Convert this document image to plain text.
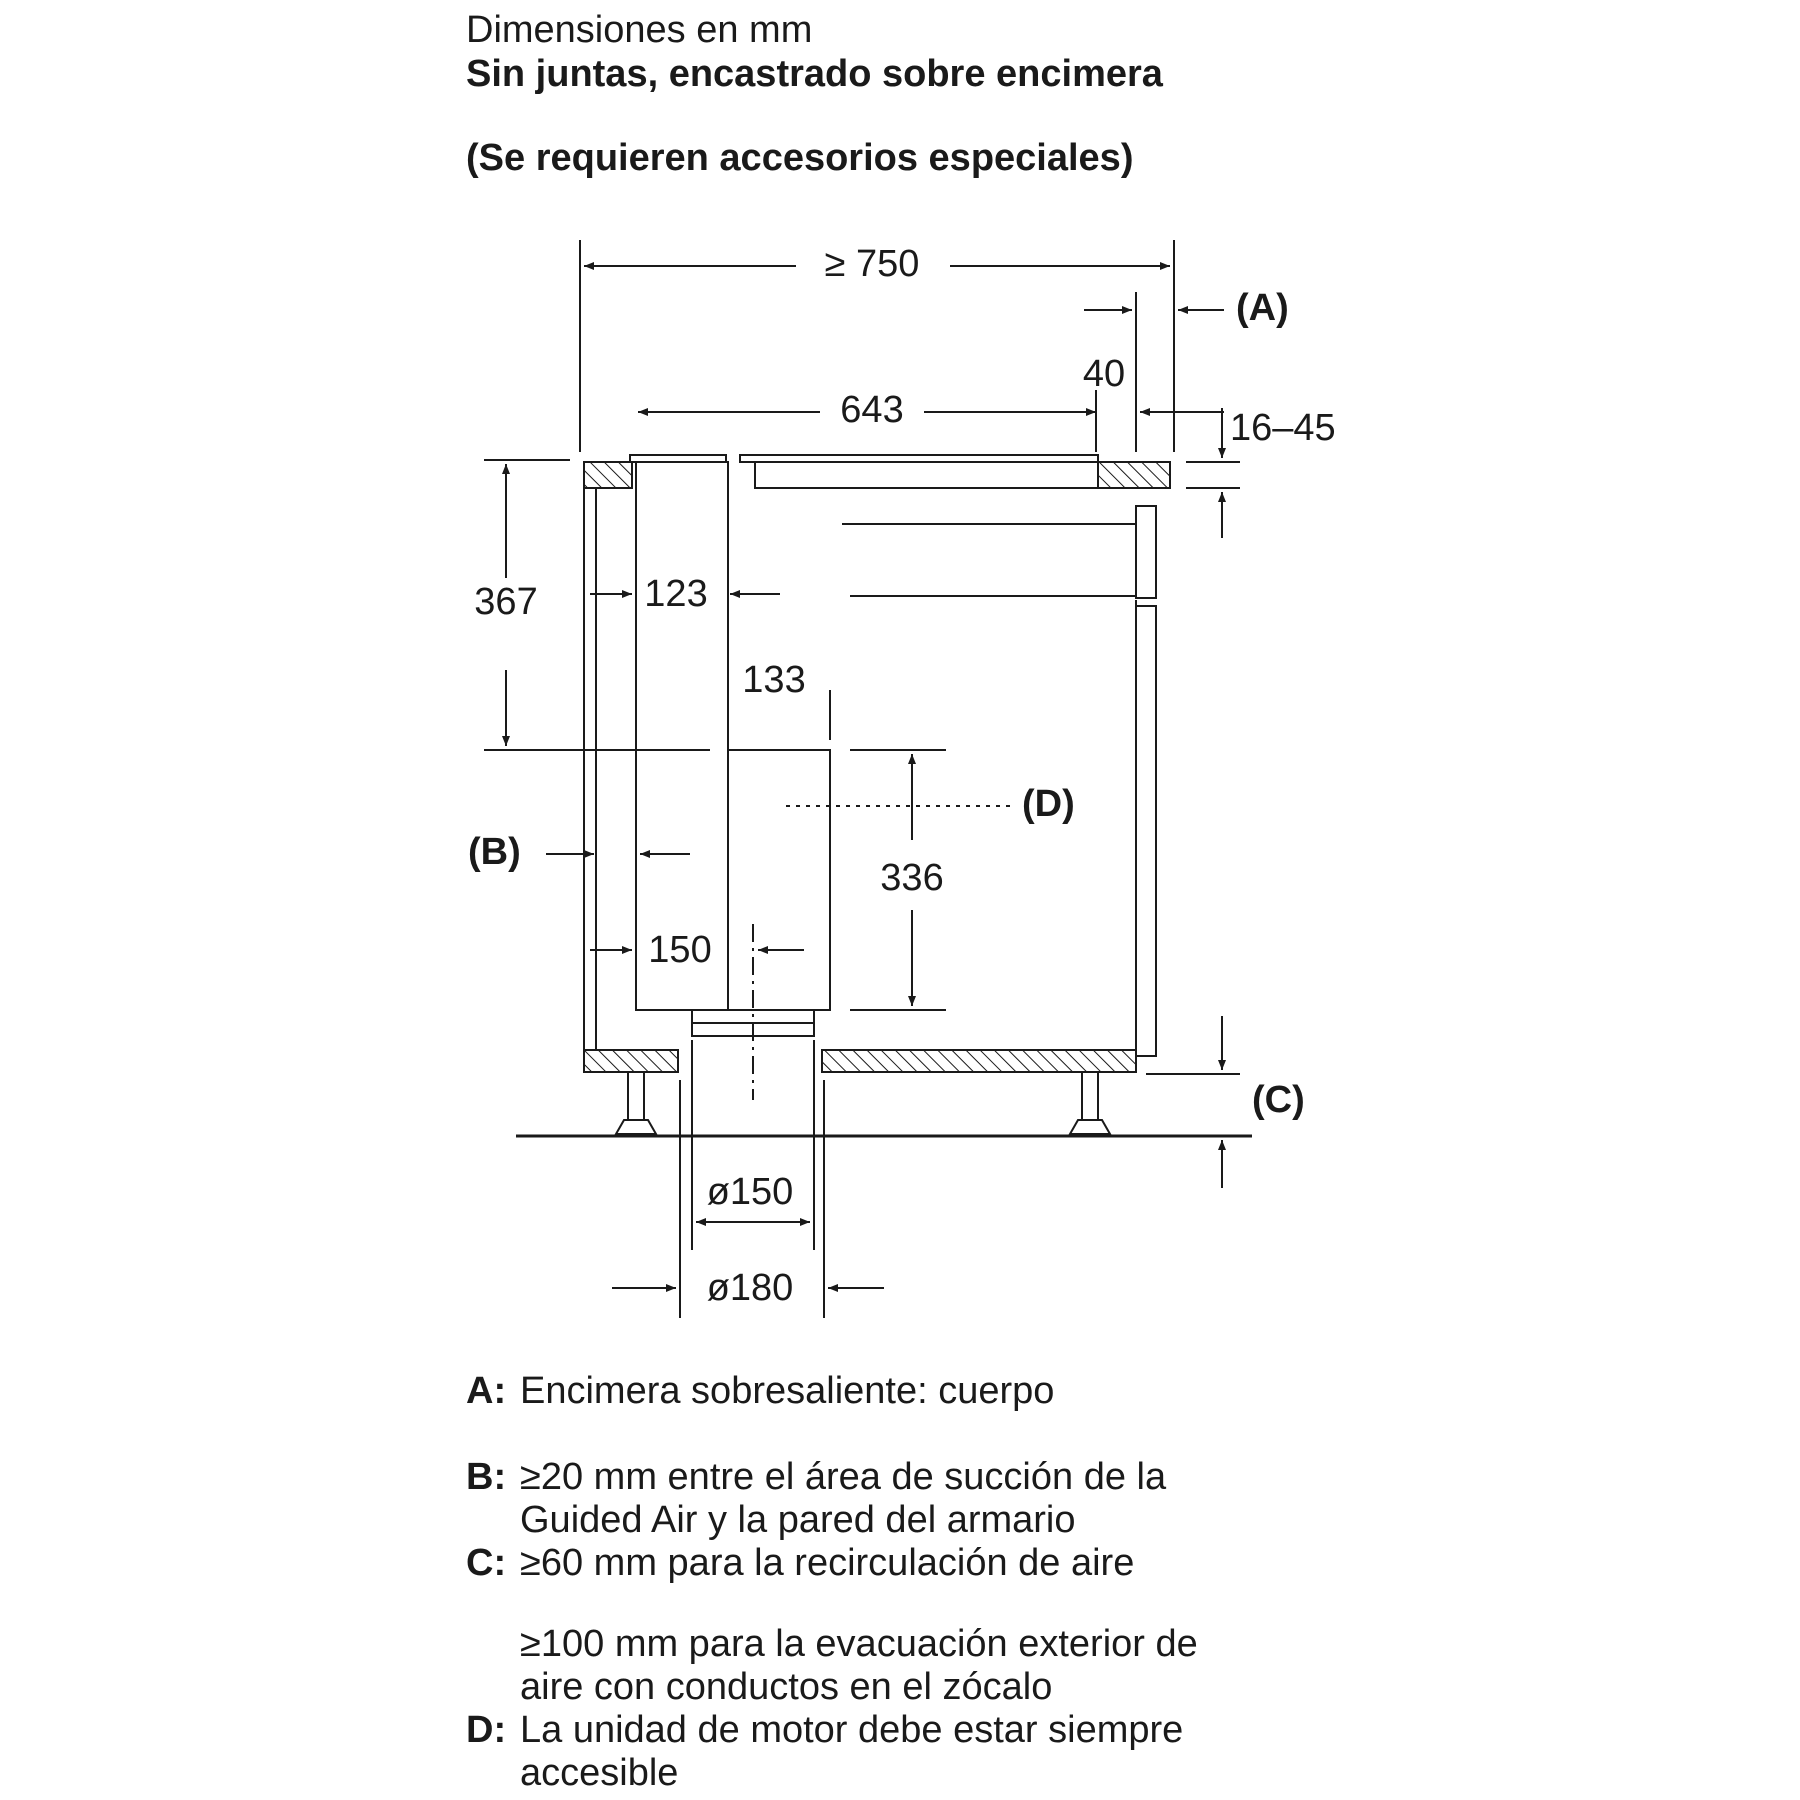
Dimensiones en mm
Sin juntas, encastrado sobre encimera
(Se requieren accesorios especiales)
≥ 750
643
40
16–45
367	123
133
336
150
ø150
ø180
(A)
(B)
(C)
(D)
A: Encimera sobresaliente: cuerpo
B: ≥20 mm entre el área de succión de la
Guided Air y la pared del armario
C: ≥60 mm para la recirculación de aire
≥100 mm para la evacuación exterior de
aire con conductos en el zócalo
D: La unidad de motor debe estar siempre
accesible
